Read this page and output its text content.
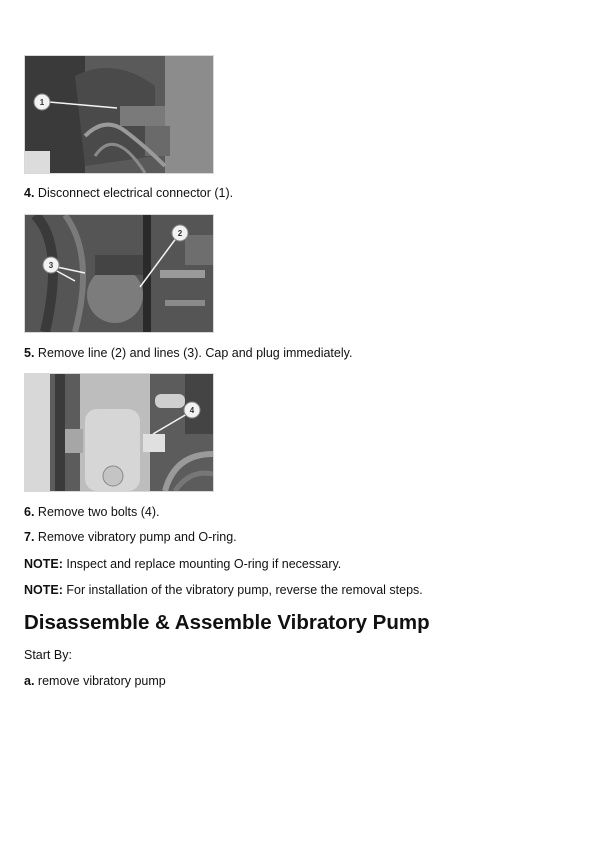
1
4. Disconnect electrical connector (1).
2
3
5. Remove line (2) and lines (3). Cap and plug immediately.
4
6. Remove two bolts (4).
7. Remove vibratory pump and O-ring.
NOTE: Inspect and replace mounting O-ring if necessary.
NOTE: For installation of the vibratory pump, reverse the removal steps.
Disassemble & Assemble Vibratory Pump
Start By:
a. remove vibratory pump
